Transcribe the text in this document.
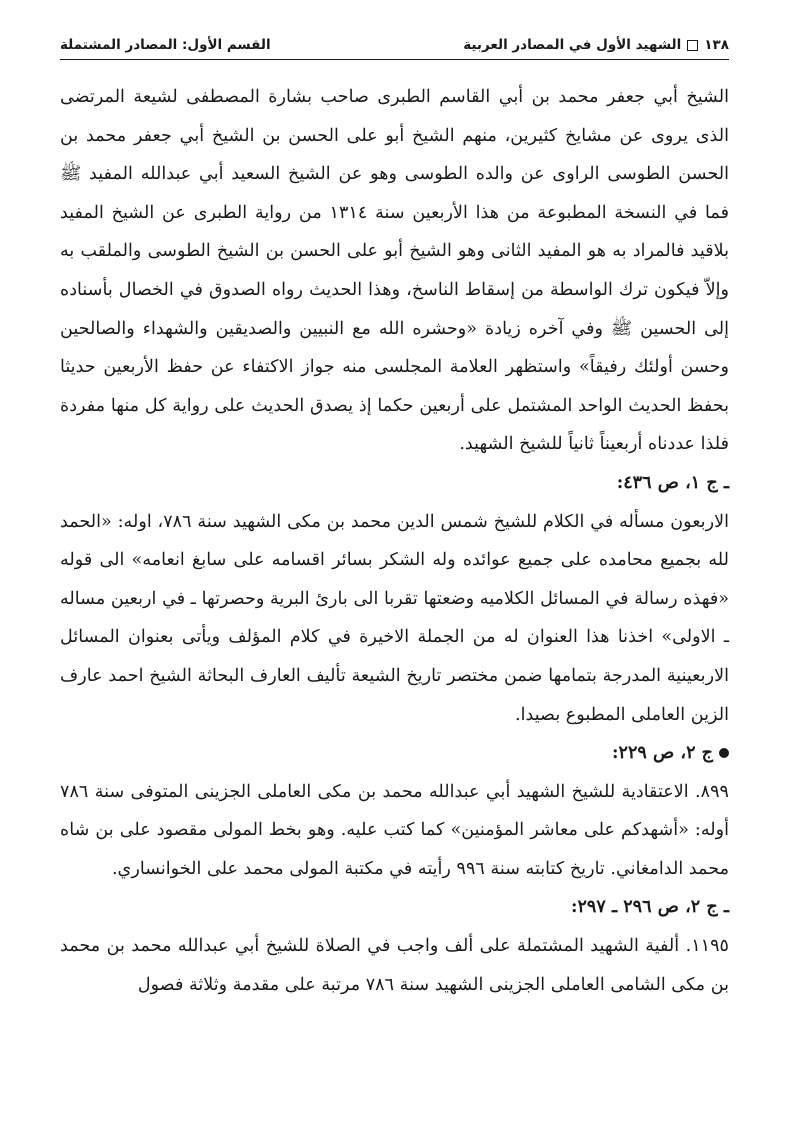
١٣٨
الشهيد الأول في المصادر العربية
القسم الأول: المصادر المشتملة

الشيخ أبي جعفر محمد بن أبي القاسم الطبرى صاحب بشارة المصطفى لشيعة المرتضى الذى يروى عن مشايخ كثيرين، منهم الشيخ أبو على الحسن بن الشيخ أبي جعفر محمد بن الحسن الطوسى الراوى عن والده الطوسى وهو عن الشيخ السعيد أبي عبدالله المفيد ﷺ فما في النسخة المطبوعة من هذا الأربعين سنة ١٣١٤ من رواية الطبرى عن الشيخ المفيد بلاقيد فالمراد به هو المفيد الثانى وهو الشيخ أبو على الحسن بن الشيخ الطوسى والملقب به وإلاّ فيكون ترك الواسطة من إسقاط الناسخ، وهذا الحديث رواه الصدوق في الخصال بأسناده إلى الحسين ﷺ وفي آخره زيادة «وحشره الله مع النبيين والصديقين والشهداء والصالحين وحسن أولئك رفيقاً» واستظهر العلامة المجلسى منه جواز الاكتفاء عن حفظ الأربعين حديثا بحفظ الحديث الواحد المشتمل على أربعين حكما إذ يصدق الحديث على رواية كل منها مفردة فلذا عددناه أربعيناً ثانياً للشيخ الشهيد.

ـ ج ١، ص ٤٣٦:

الاربعون مسأله في الكلام للشيخ شمس الدين محمد بن مكى الشهيد سنة ٧٨٦، اوله: «الحمد لله بجميع محامده على جميع عوائده وله الشكر بسائر اقسامه على سابغ انعامه» الى قوله «فهذه رسالة في المسائل الكلاميه وضعتها تقربا الى بارئ البرية وحصرتها ـ في اربعين مساله ـ الاولى» اخذنا هذا العنوان له من الجملة الاخيرة في كلام المؤلف ويأتى بعنوان المسائل الاربعينية المدرجة بتمامها ضمن مختصر تاريخ الشيعة تأليف العارف البحاثة الشيخ احمد عارف الزين العاملى المطبوع بصيدا.

ج ٢، ص ٢٢٩:

٨٩٩. الاعتقادية للشيخ الشهيد أبي عبدالله محمد بن مكى العاملى الجزينى المتوفى سنة ٧٨٦ أوله: «أشهدكم على معاشر المؤمنين» كما كتب عليه. وهو بخط المولى مقصود على بن شاه محمد الدامغاني. تاريخ كتابته سنة ٩٩٦ رأيته في مكتبة المولى محمد على الخوانساري.

ـ ج ٢، ص ٢٩٦ ـ ٢٩٧:

١١٩٥. ألفية الشهيد المشتملة على ألف واجب في الصلاة للشيخ أبي عبدالله محمد بن محمد بن مكى الشامى العاملى الجزينى الشهيد سنة ٧٨٦ مرتبة على مقدمة وثلاثة فصول
